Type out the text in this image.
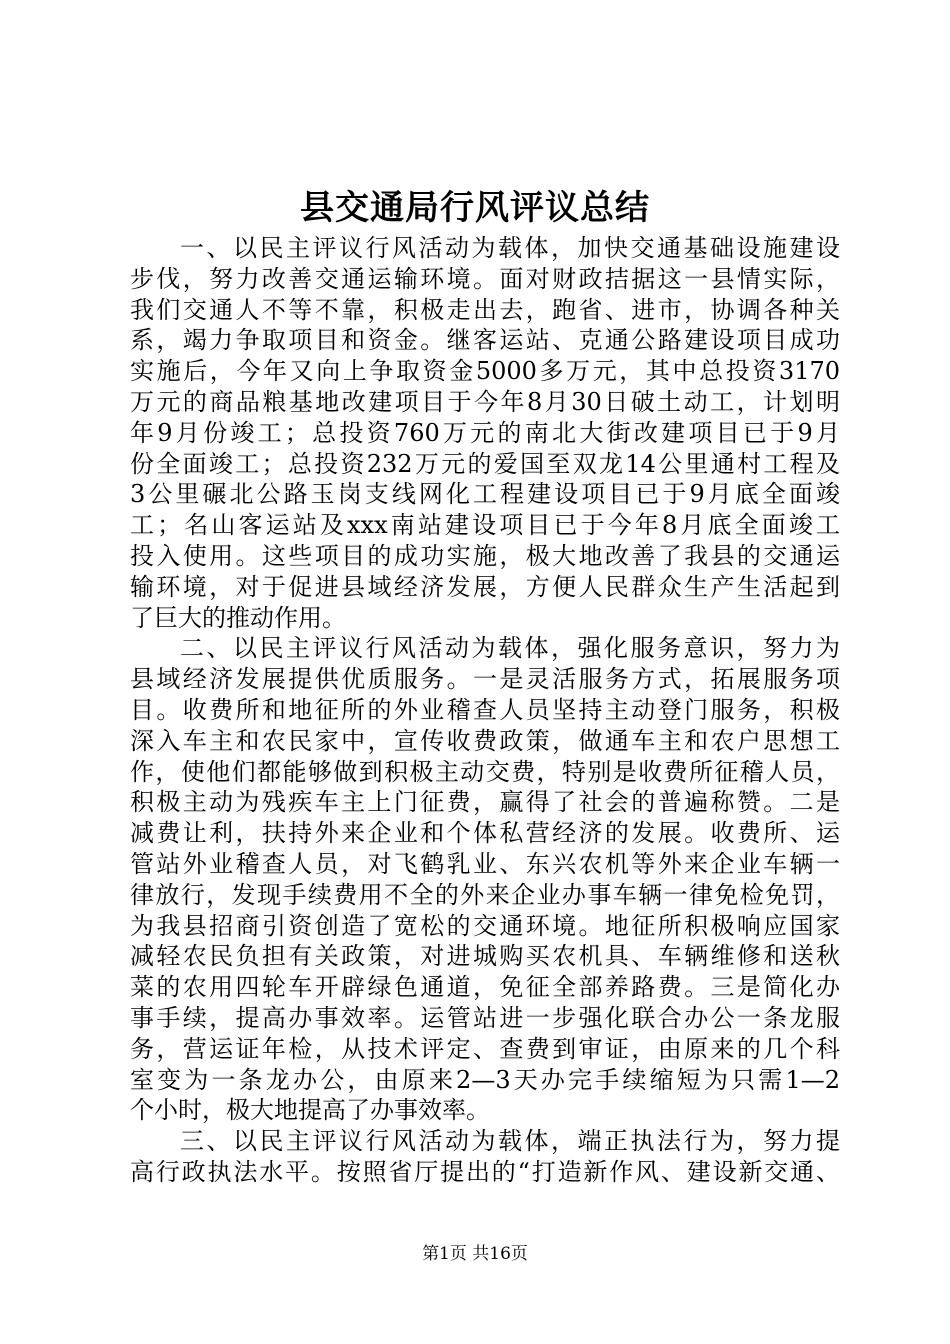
县交通局行风评议总结
一、以民主评议行风活动为载体，加快交通基础设施建设
步伐，努力改善交通运输环境。面对财政拮据这一县情实际，
我们交通人不等不靠，积极走出去，跑省、进市，协调各种关
系，竭力争取项目和资金。继客运站、克通公路建设项目成功
实施后，今年又向上争取资金5000多万元，其中总投资3170
万元的商品粮基地改建项目于今年8月30日破土动工，计划明
年9月份竣工；总投资760万元的南北大街改建项目已于9月
份全面竣工；总投资232万元的爱国至双龙14公里通村工程及
3公里碾北公路玉岗支线网化工程建设项目已于9月底全面竣
工；名山客运站及xxx南站建设项目已于今年8月底全面竣工
投入使用。这些项目的成功实施，极大地改善了我县的交通运
输环境，对于促进县域经济发展，方便人民群众生产生活起到
了巨大的推动作用。
二、以民主评议行风活动为载体，强化服务意识，努力为
县域经济发展提供优质服务。一是灵活服务方式，拓展服务项
目。收费所和地征所的外业稽查人员坚持主动登门服务，积极
深入车主和农民家中，宣传收费政策，做通车主和农户思想工
作，使他们都能够做到积极主动交费，特别是收费所征稽人员，
积极主动为残疾车主上门征费，赢得了社会的普遍称赞。二是
减费让利，扶持外来企业和个体私营经济的发展。收费所、运
管站外业稽查人员，对飞鹤乳业、东兴农机等外来企业车辆一
律放行，发现手续费用不全的外来企业办事车辆一律免检免罚，
为我县招商引资创造了宽松的交通环境。地征所积极响应国家
减轻农民负担有关政策，对进城购买农机具、车辆维修和送秋
菜的农用四轮车开辟绿色通道，免征全部养路费。三是简化办
事手续，提高办事效率。运管站进一步强化联合办公一条龙服
务，营运证年检，从技术评定、查费到审证，由原来的几个科
室变为一条龙办公，由原来2—3天办完手续缩短为只需1—2
个小时，极大地提高了办事效率。
三、以民主评议行风活动为载体，端正执法行为，努力提
高行政执法水平。按照省厅提出的“打造新作风、建设新交通、
第1页 共16页
